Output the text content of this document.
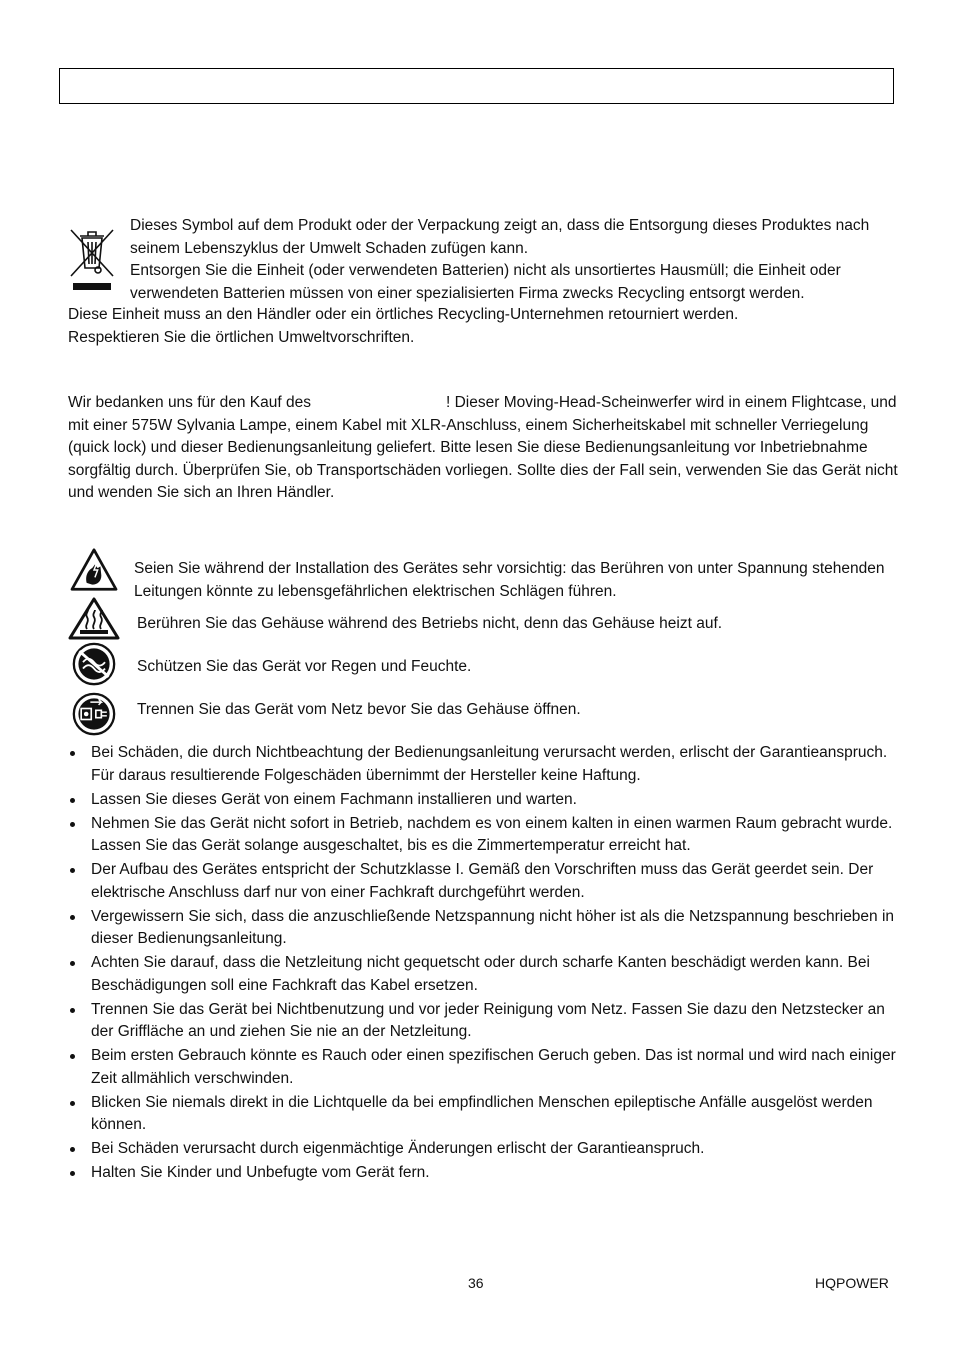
Dieses Symbol auf dem Produkt oder der Verpackung zeigt an, dass die Entsorgung dieses Produktes nach seinem Lebenszyklus der Umwelt Schaden zufügen kann.
Entsorgen Sie die Einheit (oder verwendeten Batterien) nicht als unsortiertes Hausmüll; die Einheit oder verwendeten Batterien müssen von einer spezialisierten Firma zwecks Recycling entsorgt werden.
Diese Einheit muss an den Händler oder ein örtliches Recycling-Unternehmen retourniert werden.
Respektieren Sie die örtlichen Umweltvorschriften.
Wir bedanken uns für den Kauf des	! Dieser Moving-Head-Scheinwerfer wird in einem Flightcase, und mit einer 575W Sylvania Lampe, einem Kabel mit XLR-Anschluss, einem Sicherheitskabel mit schneller Verriegelung (quick lock) und dieser Bedienungsanleitung geliefert. Bitte lesen Sie diese Bedienungsanleitung vor Inbetriebnahme sorgfältig durch. Überprüfen Sie, ob Transportschäden vorliegen. Sollte dies der Fall sein, verwenden Sie das Gerät nicht und wenden Sie sich an Ihren Händler.
Seien Sie während der Installation des Gerätes sehr vorsichtig: das Berühren von unter Spannung stehenden Leitungen könnte zu lebensgefährlichen elektrischen Schlägen führen.
Berühren Sie das Gehäuse während des Betriebs nicht, denn das Gehäuse heizt auf.
Schützen Sie das Gerät vor Regen und Feuchte.
Trennen Sie das Gerät vom Netz bevor Sie das Gehäuse öffnen.
Bei Schäden, die durch Nichtbeachtung der Bedienungsanleitung verursacht werden, erlischt der Garantieanspruch. Für daraus resultierende Folgeschäden übernimmt der Hersteller keine Haftung.
Lassen Sie dieses Gerät von einem Fachmann installieren und warten.
Nehmen Sie das Gerät nicht sofort in Betrieb, nachdem es von einem kalten in einen warmen Raum gebracht wurde. Lassen Sie das Gerät solange ausgeschaltet, bis es die Zimmertemperatur erreicht hat.
Der Aufbau des Gerätes entspricht der Schutzklasse I. Gemäß den Vorschriften muss das Gerät geerdet sein. Der elektrische Anschluss darf nur von einer Fachkraft durchgeführt werden.
Vergewissern Sie sich, dass die anzuschließende Netzspannung nicht höher ist als die Netzspannung beschrieben in dieser Bedienungsanleitung.
Achten Sie darauf, dass die Netzleitung nicht gequetscht oder durch scharfe Kanten beschädigt werden kann. Bei Beschädigungen soll eine Fachkraft das Kabel ersetzen.
Trennen Sie das Gerät bei Nichtbenutzung und vor jeder Reinigung vom Netz. Fassen Sie dazu den Netzstecker an der Griffläche an und ziehen Sie nie an der Netzleitung.
Beim ersten Gebrauch könnte es Rauch oder einen spezifischen Geruch geben. Das ist normal und wird nach einiger Zeit allmählich verschwinden.
Blicken Sie niemals direkt in die Lichtquelle da bei empfindlichen Menschen epileptische Anfälle ausgelöst werden können.
Bei Schäden verursacht durch eigenmächtige Änderungen erlischt der Garantieanspruch.
Halten Sie Kinder und Unbefugte vom Gerät fern.
36	HQPOWER
